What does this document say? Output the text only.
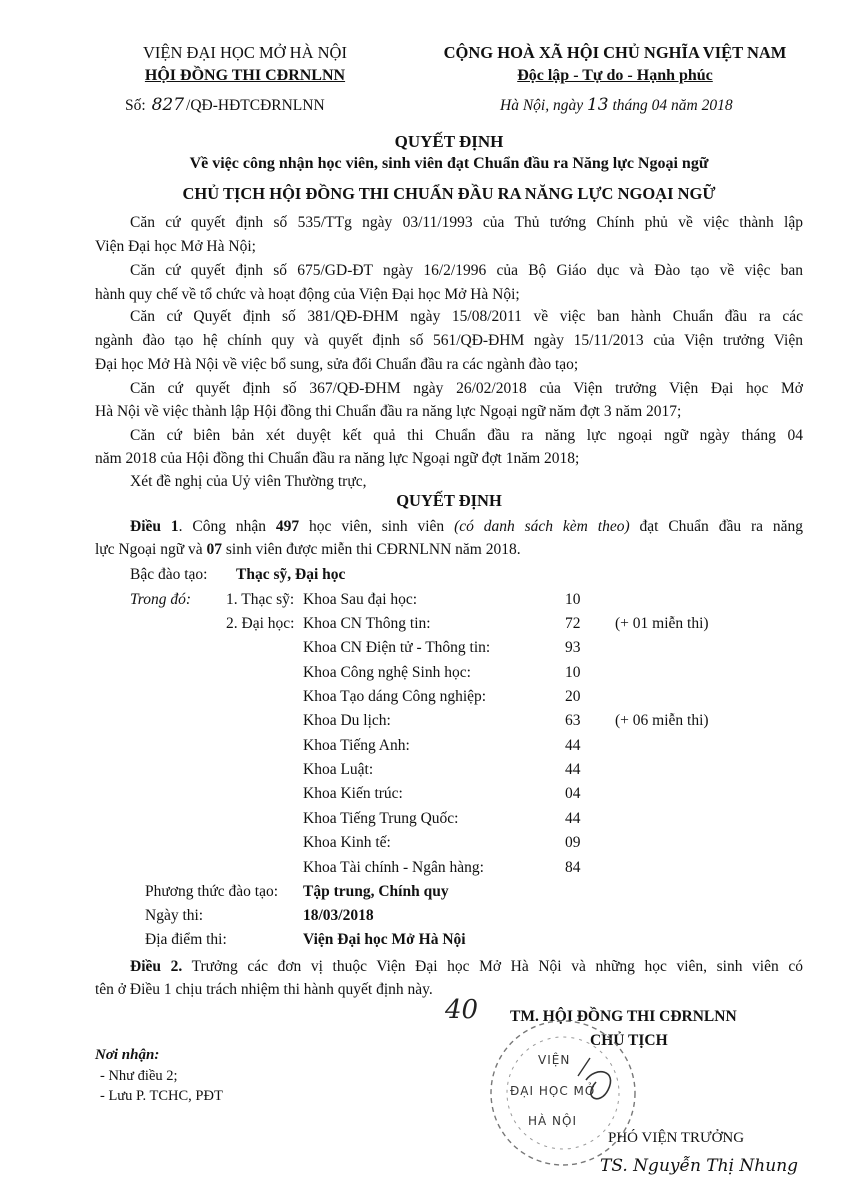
VIỆN ĐẠI HỌC MỞ HÀ NỘI
HỘI ĐỒNG THI CĐRNLNN
Số: 827 /QĐ-HĐTCĐRNLNN
CỘNG HOÀ XÃ HỘI CHỦ NGHĨA VIỆT NAM
Độc lập - Tự do - Hạnh phúc
Hà Nội, ngày 13 tháng 04 năm 2018
QUYẾT ĐỊNH
Về việc công nhận học viên, sinh viên đạt Chuẩn đầu ra Năng lực Ngoại ngữ
CHỦ TỊCH HỘI ĐỒNG THI CHUẨN ĐẦU RA NĂNG LỰC NGOẠI NGỮ
Căn cứ quyết định số 535/TTg ngày 03/11/1993 của Thủ tướng Chính phủ về việc thành lập
Viện Đại học Mở Hà Nội;
Căn cứ quyết định số 675/GD-ĐT ngày 16/2/1996 của Bộ Giáo dục và Đào tạo về việc ban
hành quy chế về tổ chức và hoạt động của Viện Đại học Mở Hà Nội;
Căn cứ Quyết định số 381/QĐ-ĐHM ngày 15/08/2011 về việc ban hành Chuẩn đầu ra các
ngành đào tạo hệ chính quy và quyết định số 561/QĐ-ĐHM ngày 15/11/2013 của Viện trưởng Viện
Đại học Mở Hà Nội về việc bổ sung, sửa đổi Chuẩn đầu ra các ngành đào tạo;
Căn cứ quyết định số 367/QĐ-ĐHM ngày 26/02/2018 của Viện trưởng Viện Đại học Mở
Hà Nội về việc thành lập Hội đồng thi Chuẩn đầu ra năng lực Ngoại ngữ năm đợt 3 năm 2017;
Căn cứ biên bản xét duyệt kết quả thi Chuẩn đầu ra năng lực ngoại ngữ ngày tháng 04
năm 2018 của Hội đồng thi Chuẩn đầu ra năng lực Ngoại ngữ đợt 1năm 2018;
Xét đề nghị của Uỷ viên Thường trực,
QUYẾT ĐỊNH
Điều 1. Công nhận 497 học viên, sinh viên (có danh sách kèm theo) đạt Chuẩn đầu ra năng
lực Ngoại ngữ và 07 sinh viên được miễn thi CĐRNLNN năm 2018.
Bậc đào tạo: Thạc sỹ, Đại học
Trong đó: 1. Thạc sỹ: Khoa Sau đại học:	10
2. Đại học: Khoa CN Thông tin:	72 (+ 01 miễn thi)
Khoa CN Điện tử - Thông tin:	93
Khoa Công nghệ Sinh học:	10
Khoa Tạo dáng Công nghiệp:	20
Khoa Du lịch:	63 (+ 06 miễn thi)
Khoa Tiếng Anh:	44
Khoa Luật:	44
Khoa Kiến trúc:	04
Khoa Tiếng Trung Quốc:	44
Khoa Kinh tế:	09
Khoa Tài chính - Ngân hàng:	84
Phương thức đào tạo: Tập trung, Chính quy
Ngày thi:	18/03/2018
Địa điểm thi:	Viện Đại học Mở Hà Nội
Điều 2. Trưởng các đơn vị thuộc Viện Đại học Mở Hà Nội và những học viên, sinh viên có
tên ở Điều 1 chịu trách nhiệm thi hành quyết định này.
Nơi nhận:
- Như điều 2;
- Lưu P. TCHC, PĐT
40 TM. HỘI ĐỒNG THI CĐRNLNN
CHỦ TỊCH
VIỆN
ĐẠI HỌC MỞ
HÀ NỘI
PHÓ VIỆN TRƯỞNG
TS. Nguyễn Thị Nhung
